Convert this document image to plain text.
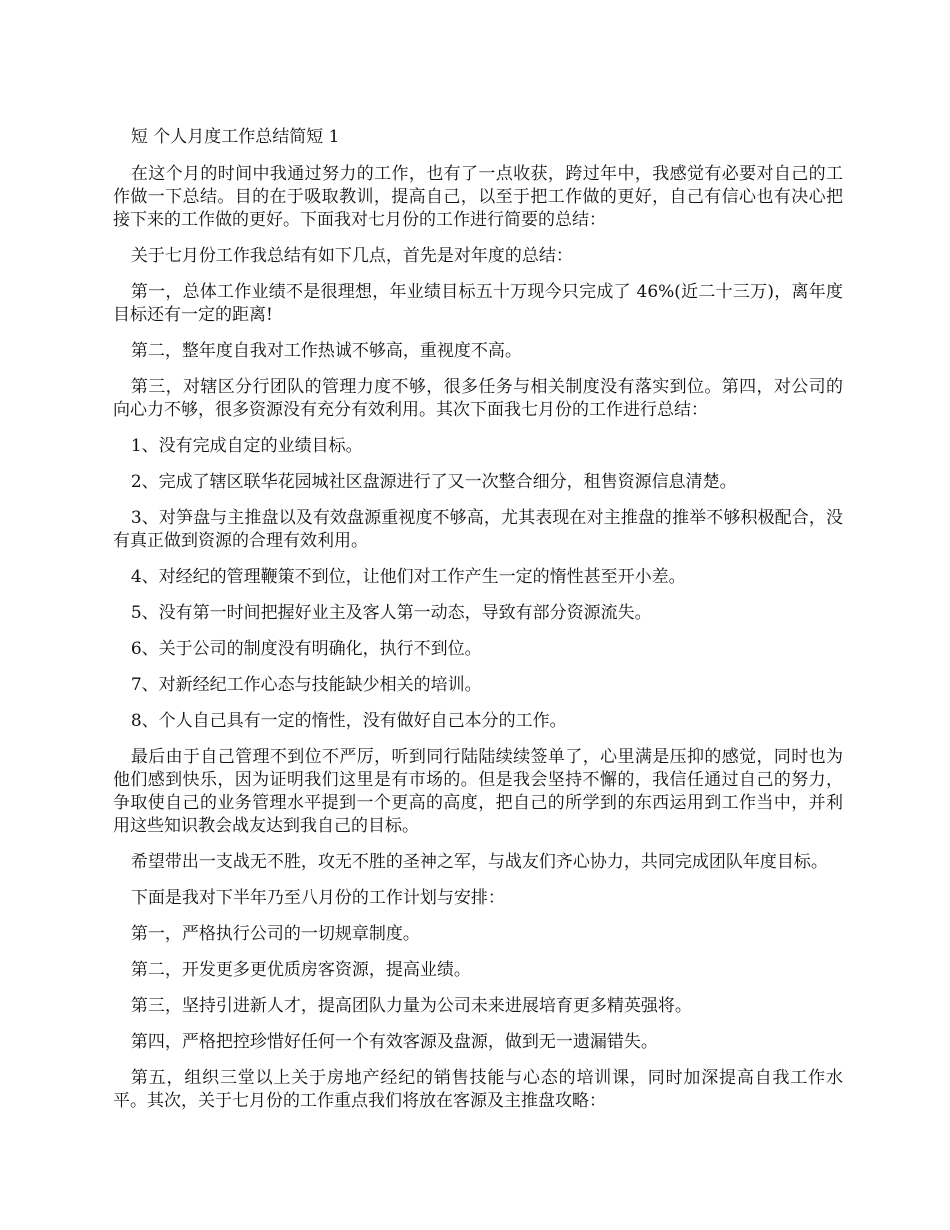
短 个人月度工作总结简短 1

在这个月的时间中我通过努力的工作，也有了一点收获，跨过年中，我感觉有必要对自己的工作做一下总结。目的在于吸取教训，提高自己，以至于把工作做的更好，自己有信心也有决心把接下来的工作做的更好。下面我对七月份的工作进行简要的总结：

关于七月份工作我总结有如下几点，首先是对年度的总结：

第一，总体工作业绩不是很理想，年业绩目标五十万现今只完成了 46%(近二十三万)，离年度目标还有一定的距离!

第二，整年度自我对工作热诚不够高，重视度不高。

第三，对辖区分行团队的管理力度不够，很多任务与相关制度没有落实到位。第四，对公司的向心力不够，很多资源没有充分有效利用。其次下面我七月份的工作进行总结：

1、没有完成自定的业绩目标。

2、完成了辖区联华花园城社区盘源进行了又一次整合细分，租售资源信息清楚。

3、对笋盘与主推盘以及有效盘源重视度不够高，尤其表现在对主推盘的推举不够积极配合，没有真正做到资源的合理有效利用。

4、对经纪的管理鞭策不到位，让他们对工作产生一定的惰性甚至开小差。

5、没有第一时间把握好业主及客人第一动态，导致有部分资源流失。

6、关于公司的制度没有明确化，执行不到位。

7、对新经纪工作心态与技能缺少相关的培训。

8、个人自己具有一定的惰性，没有做好自己本分的工作。

最后由于自己管理不到位不严厉，听到同行陆陆续续签单了，心里满是压抑的感觉，同时也为他们感到快乐，因为证明我们这里是有市场的。但是我会坚持不懈的，我信任通过自己的努力，争取使自己的业务管理水平提到一个更高的高度，把自己的所学到的东西运用到工作当中，并利用这些知识教会战友达到我自己的目标。

希望带出一支战无不胜，攻无不胜的圣神之军，与战友们齐心协力，共同完成团队年度目标。

下面是我对下半年乃至八月份的工作计划与安排：

第一，严格执行公司的一切规章制度。

第二，开发更多更优质房客资源，提高业绩。

第三，坚持引进新人才，提高团队力量为公司未来进展培育更多精英强将。

第四，严格把控珍惜好任何一个有效客源及盘源，做到无一遗漏错失。

第五，组织三堂以上关于房地产经纪的销售技能与心态的培训课，同时加深提高自我工作水平。其次，关于七月份的工作重点我们将放在客源及主推盘攻略：
